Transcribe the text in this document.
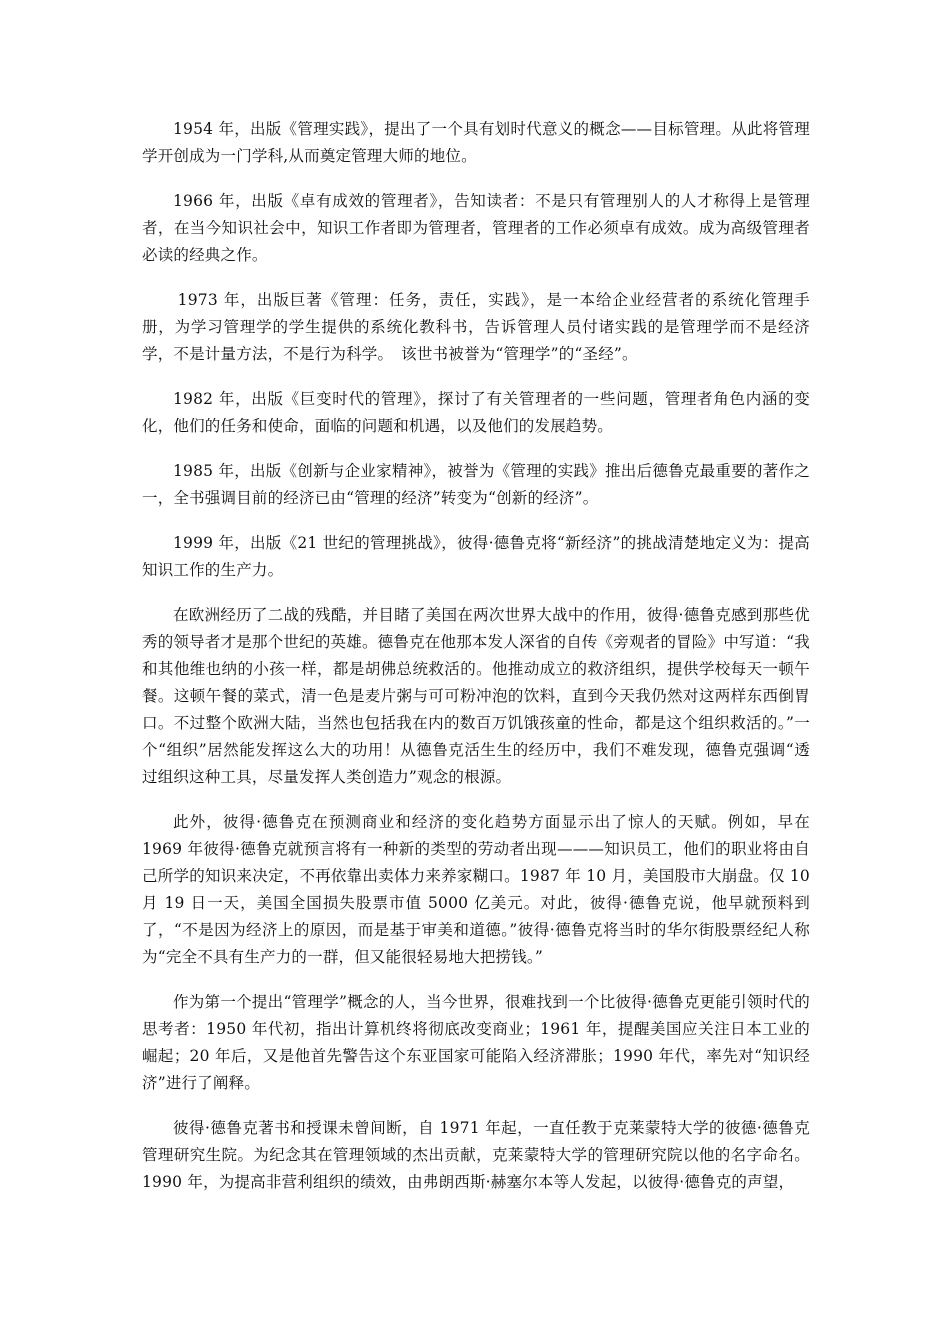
1954 年，出版《管理实践》，提出了一个具有划时代意义的概念——目标管理。从此将管理学开创成为一门学科,从而奠定管理大师的地位。

1966 年，出版《卓有成效的管理者》，告知读者：不是只有管理别人的人才称得上是管理者，在当今知识社会中，知识工作者即为管理者，管理者的工作必须卓有成效。成为高级管理者必读的经典之作。

1973 年，出版巨著《管理：任务，责任，实践》，是一本给企业经营者的系统化管理手册，为学习管理学的学生提供的系统化教科书，告诉管理人员付诸实践的是管理学而不是经济学，不是计量方法，不是行为科学。　该世书被誉为“管理学”的“圣经”。

1982 年，出版《巨变时代的管理》，探讨了有关管理者的一些问题，管理者角色内涵的变化，他们的任务和使命，面临的问题和机遇，以及他们的发展趋势。

1985 年，出版《创新与企业家精神》，被誉为《管理的实践》推出后德鲁克最重要的著作之一，全书强调目前的经济已由“管理的经济”转变为“创新的经济”。

1999 年，出版《21 世纪的管理挑战》，彼得·德鲁克将“新经济”的挑战清楚地定义为：提高知识工作的生产力。

在欧洲经历了二战的残酷，并目睹了美国在两次世界大战中的作用，彼得·德鲁克感到那些优秀的领导者才是那个世纪的英雄。德鲁克在他那本发人深省的自传《旁观者的冒险》中写道：“我和其他维也纳的小孩一样，都是胡佛总统救活的。他推动成立的救济组织，提供学校每天一顿午餐。这顿午餐的菜式，清一色是麦片粥与可可粉冲泡的饮料，直到今天我仍然对这两样东西倒胃口。不过整个欧洲大陆，当然也包括我在内的数百万饥饿孩童的性命，都是这个组织救活的。”一个“组织”居然能发挥这么大的功用！从德鲁克活生生的经历中，我们不难发现，德鲁克强调“透过组织这种工具，尽量发挥人类创造力”观念的根源。

此外，彼得·德鲁克在预测商业和经济的变化趋势方面显示出了惊人的天赋。例如，早在 1969 年彼得·德鲁克就预言将有一种新的类型的劳动者出现———知识员工，他们的职业将由自己所学的知识来决定，不再依靠出卖体力来养家糊口。1987 年 10 月，美国股市大崩盘。仅 10 月 19 日一天，美国全国损失股票市值 5000 亿美元。对此，彼得·德鲁克说，他早就预料到了，“不是因为经济上的原因，而是基于审美和道德。”彼得·德鲁克将当时的华尔街股票经纪人称为“完全不具有生产力的一群，但又能很轻易地大把捞钱。”

作为第一个提出“管理学”概念的人，当今世界，很难找到一个比彼得·德鲁克更能引领时代的思考者：1950 年代初，指出计算机终将彻底改变商业；1961 年，提醒美国应关注日本工业的崛起；20 年后，又是他首先警告这个东亚国家可能陷入经济滞胀；1990 年代，率先对“知识经济”进行了阐释。

彼得·德鲁克著书和授课未曾间断，自 1971 年起，一直任教于克莱蒙特大学的彼德·德鲁克管理研究生院。为纪念其在管理领域的杰出贡献，克莱蒙特大学的管理研究院以他的名字命名。1990 年，为提高非营利组织的绩效，由弗朗西斯·赫塞尔本等人发起，以彼得·德鲁克的声望，
